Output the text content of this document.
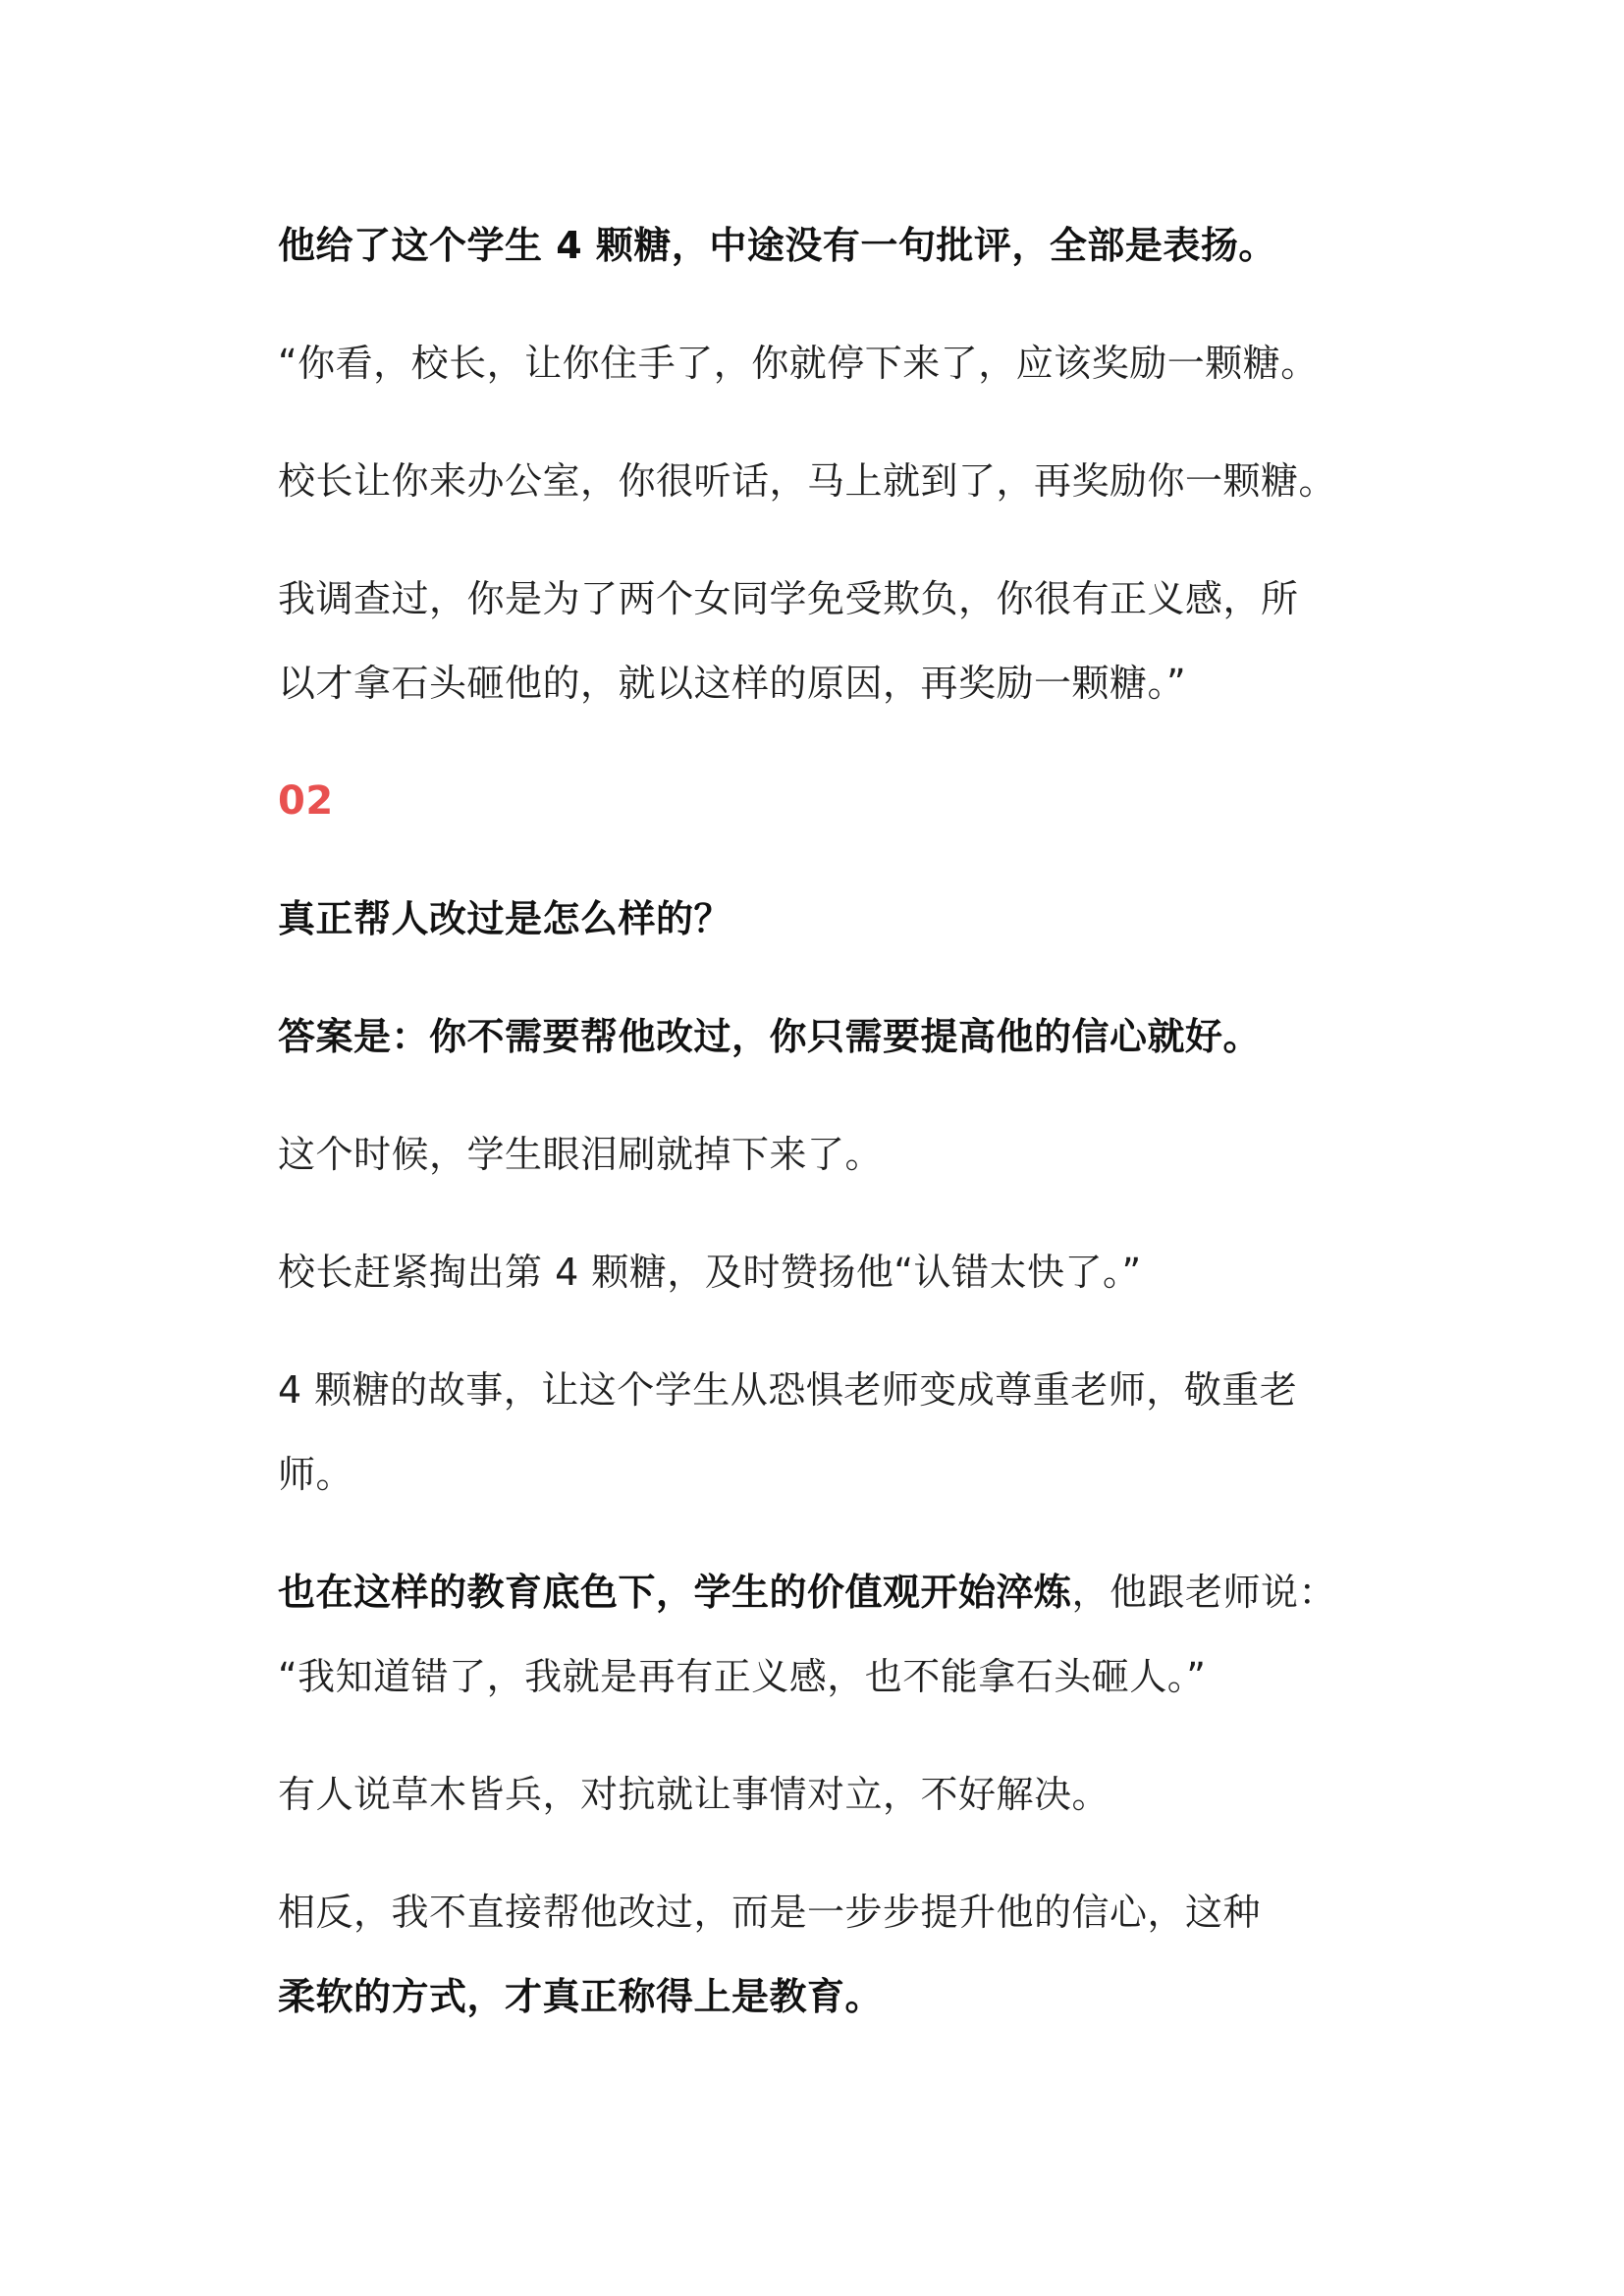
他给了这个学生 4 颗糖，中途没有一句批评，全部是表扬。
“你看，校长，让你住手了，你就停下来了，应该奖励一颗糖。
校长让你来办公室，你很听话，马上就到了，再奖励你一颗糖。
我调查过，你是为了两个女同学免受欺负，你很有正义感，所
以才拿石头砸他的，就以这样的原因，再奖励一颗糖。”
02
真正帮人改过是怎么样的？
答案是：你不需要帮他改过，你只需要提高他的信心就好。
这个时候，学生眼泪刷就掉下来了。
校长赶紧掏出第 4 颗糖，及时赞扬他“认错太快了。”
4 颗糖的故事，让这个学生从恐惧老师变成尊重老师，敬重老
师。
也在这样的教育底色下，学生的价值观开始淬炼，他跟老师说：
“我知道错了，我就是再有正义感，也不能拿石头砸人。”
有人说草木皆兵，对抗就让事情对立，不好解决。
相反，我不直接帮他改过，而是一步步提升他的信心，这种
柔软的方式，才真正称得上是教育。
